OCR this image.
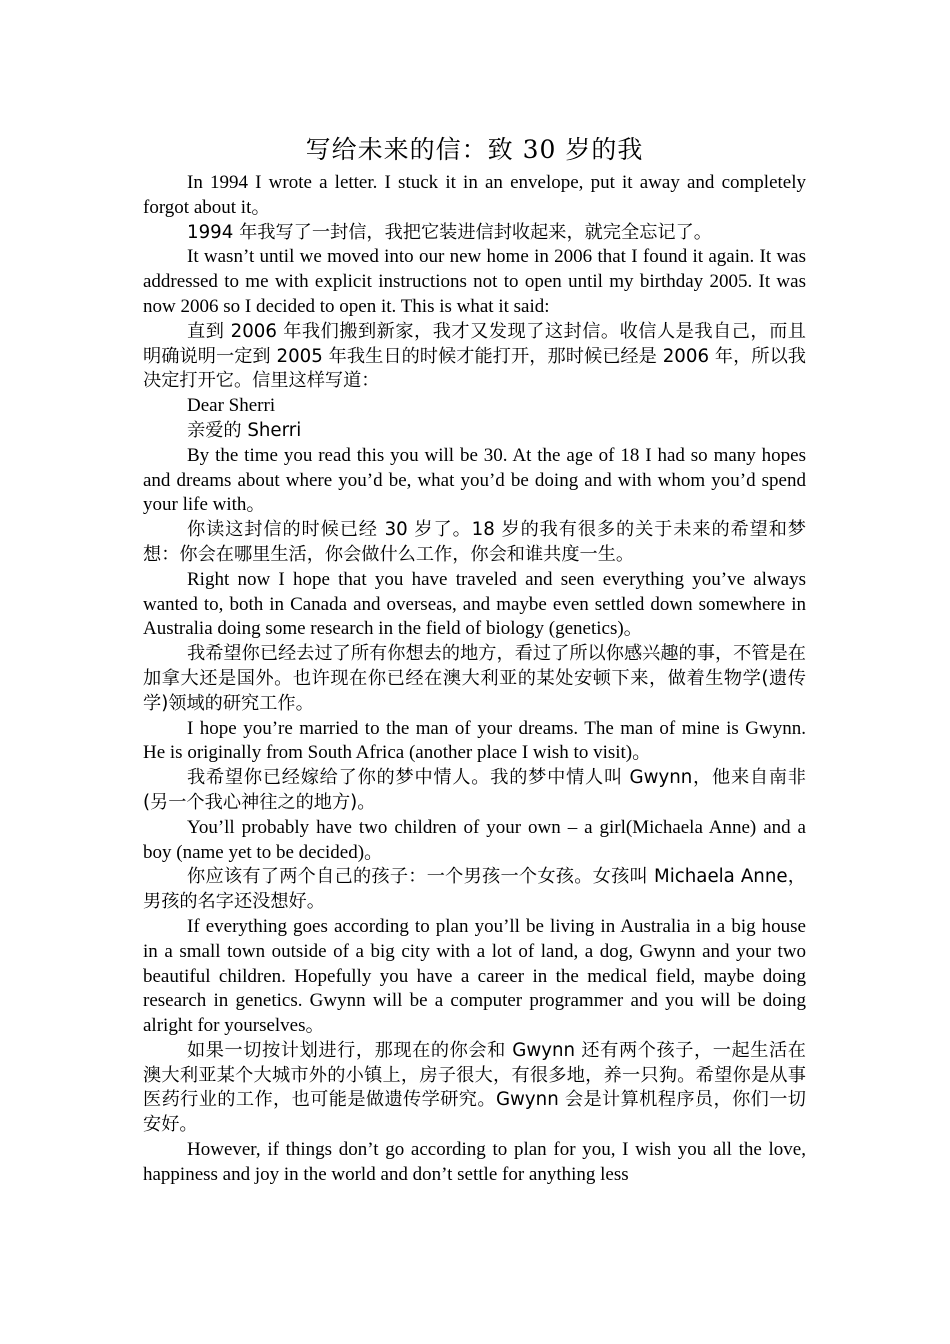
写给未来的信：致 30 岁的我

In 1994 I wrote a letter. I stuck it in an envelope, put it away and completely forgot about it。

1994 年我写了一封信，我把它装进信封收起来，就完全忘记了。

It wasn’t until we moved into our new home in 2006 that I found it again. It was addressed to me with explicit instructions not to open until my birthday 2005. It was now 2006 so I decided to open it. This is what it said:

直到 2006 年我们搬到新家，我才又发现了这封信。收信人是我自己，而且明确说明一定到 2005 年我生日的时候才能打开，那时候已经是 2006 年，所以我决定打开它。信里这样写道：

Dear Sherri

亲爱的 Sherri

By the time you read this you will be 30. At the age of 18 I had so many hopes and dreams about where you’d be, what you’d be doing and with whom you’d spend your life with。

你读这封信的时候已经 30 岁了。18 岁的我有很多的关于未来的希望和梦想：你会在哪里生活，你会做什么工作，你会和谁共度一生。

Right now I hope that you have traveled and seen everything you’ve always wanted to, both in Canada and overseas, and maybe even settled down somewhere in Australia doing some research in the field of biology (genetics)。

我希望你已经去过了所有你想去的地方，看过了所以你感兴趣的事，不管是在加拿大还是国外。也许现在你已经在澳大利亚的某处安顿下来，做着生物学(遗传学)领域的研究工作。

I hope you’re married to the man of your dreams. The man of mine is Gwynn. He is originally from South Africa (another place I wish to visit)。

我希望你已经嫁给了你的梦中情人。我的梦中情人叫 Gwynn，他来自南非(另一个我心神往之的地方)。

You’ll probably have two children of your own – a girl(Michaela Anne) and a boy (name yet to be decided)。

你应该有了两个自己的孩子：一个男孩一个女孩。女孩叫 Michaela Anne，男孩的名字还没想好。

If everything goes according to plan you’ll be living in Australia in a big house in a small town outside of a big city with a lot of land, a dog, Gwynn and your two beautiful children. Hopefully you have a career in the medical field, maybe doing research in genetics. Gwynn will be a computer programmer and you will be doing alright for yourselves。

如果一切按计划进行，那现在的你会和 Gwynn 还有两个孩子，一起生活在澳大利亚某个大城市外的小镇上，房子很大，有很多地，养一只狗。希望你是从事医药行业的工作，也可能是做遗传学研究。Gwynn 会是计算机程序员，你们一切安好。

However, if things don’t go according to plan for you, I wish you all the love, happiness and joy in the world and don’t settle for anything less
